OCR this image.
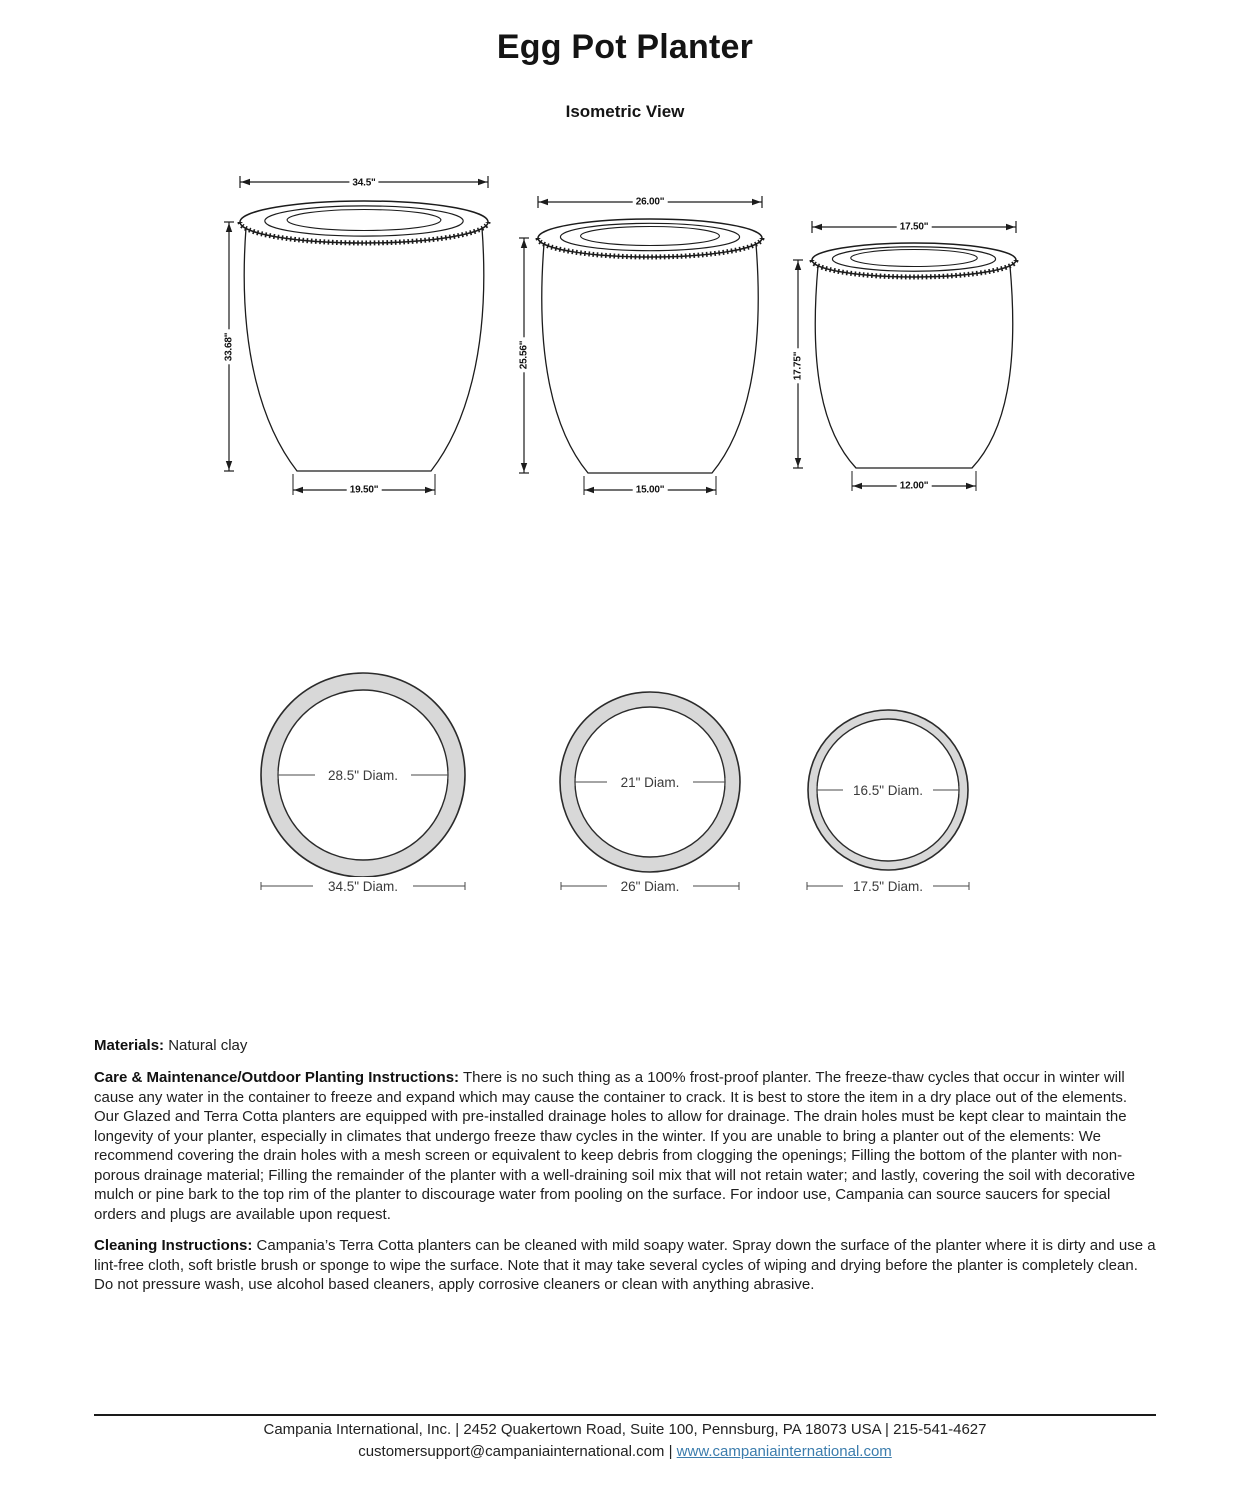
Egg Pot Planter
Isometric View
34.5"
33.68"
19.50"
26.00"
25.56"
15.00"
17.50"
17.75"
12.00"
28.5" Diam.
34.5" Diam.
21" Diam.
26" Diam.
16.5" Diam.
17.5" Diam.
Materials: Natural clay
Care & Maintenance/Outdoor Planting Instructions: There is no such thing as a 100% frost-proof planter. The freeze-thaw cycles that occur in winter will cause any water in the container to freeze and expand which may cause the container to crack. It is best to store the item in a dry place out of the elements. Our Glazed and Terra Cotta planters are equipped with pre-installed drainage holes to allow for drainage. The drain holes must be kept clear to maintain the longevity of your planter, especially in climates that undergo freeze thaw cycles in the winter. If you are unable to bring a planter out of the elements: We recommend covering the drain holes with a mesh screen or equivalent to keep debris from clogging the openings; Filling the bottom of the planter with non-porous drainage material; Filling the remainder of the planter with a well-draining soil mix that will not retain water; and lastly, covering the soil with decorative mulch or pine bark to the top rim of the planter to discourage water from pooling on the surface. For indoor use, Campania can source saucers for special orders and plugs are available upon request.
Cleaning Instructions: Campania’s Terra Cotta planters can be cleaned with mild soapy water. Spray down the surface of the planter where it is dirty and use a lint-free cloth, soft bristle brush or sponge to wipe the surface. Note that it may take several cycles of wiping and drying before the planter is completely clean. Do not pressure wash, use alcohol based cleaners, apply corrosive cleaners or clean with anything abrasive.
Campania International, Inc. | 2452 Quakertown Road, Suite 100, Pennsburg, PA 18073 USA | 215-541-4627
customersupport@campaniainternational.com | www.campaniainternational.com
